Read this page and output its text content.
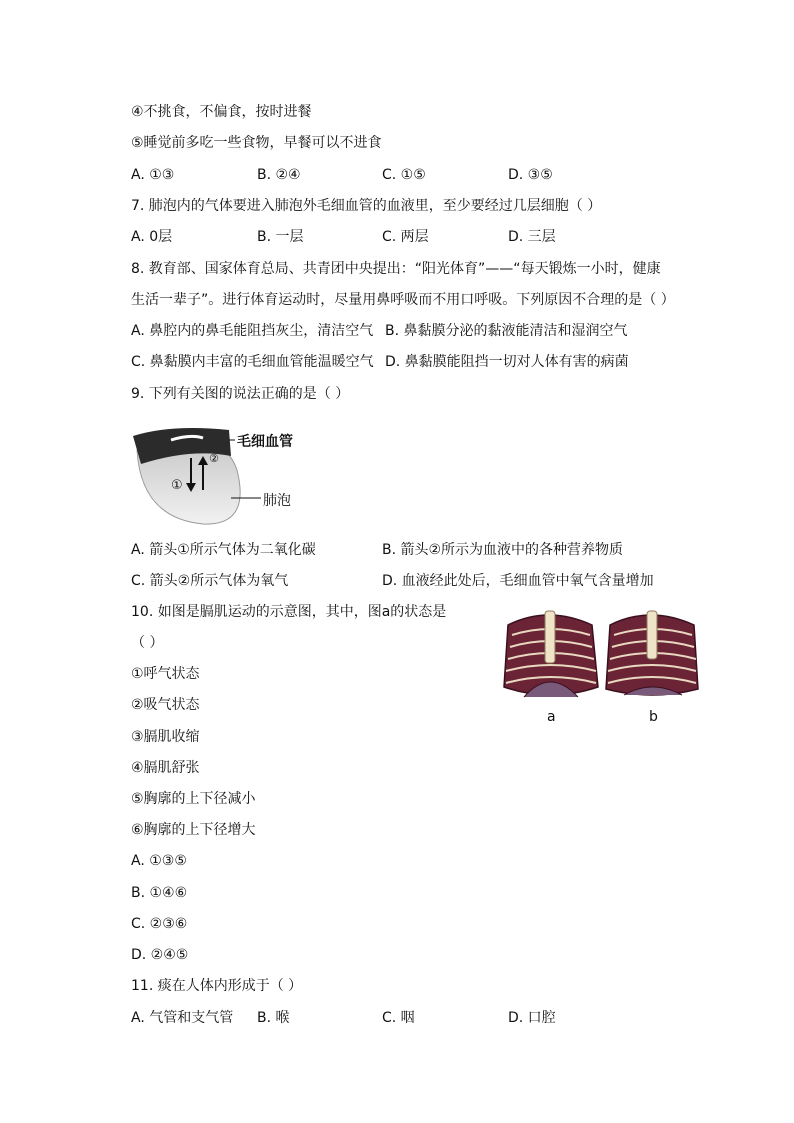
④不挑食，不偏食，按时进餐
⑤睡觉前多吃一些食物，早餐可以不进食
A. ①③	B. ②④	C. ①⑤	D. ③⑤
7. 肺泡内的气体要进入肺泡外毛细血管的血液里，至少要经过几层细胞（ ）
A. 0层	B. 一层	C. 两层	D. 三层
8. 教育部、国家体育总局、共青团中央提出：“阳光体育”——“每天锻炼一小时，健康
生活一辈子”。进行体育运动时，尽量用鼻呼吸而不用口呼吸。下列原因不合理的是（ ）
A. 鼻腔内的鼻毛能阻挡灰尘，清洁空气 B. 鼻黏膜分泌的黏液能清洁和湿润空气
C. 鼻黏膜内丰富的毛细血管能温暖空气 D. 鼻黏膜能阻挡一切对人体有害的病菌
9. 下列有关图的说法正确的是（ ）
毛细血管
肺泡
①
②
A. 箭头①所示气体为二氧化碳	B. 箭头②所示为血液中的各种营养物质
C. 箭头②所示气体为氧气	D. 血液经此处后，毛细血管中氧气含量增加
10. 如图是膈肌运动的示意图，其中，图a的状态是
（ ）
①呼气状态
②吸气状态
③膈肌收缩
④膈肌舒张
⑤胸廓的上下径减小
⑥胸廓的上下径增大
A. ①③⑤
B. ①④⑥
C. ②③⑥
D. ②④⑤
a	b
11. 痰在人体内形成于（ ）
A. 气管和支气管 B. 喉	C. 咽	D. 口腔
